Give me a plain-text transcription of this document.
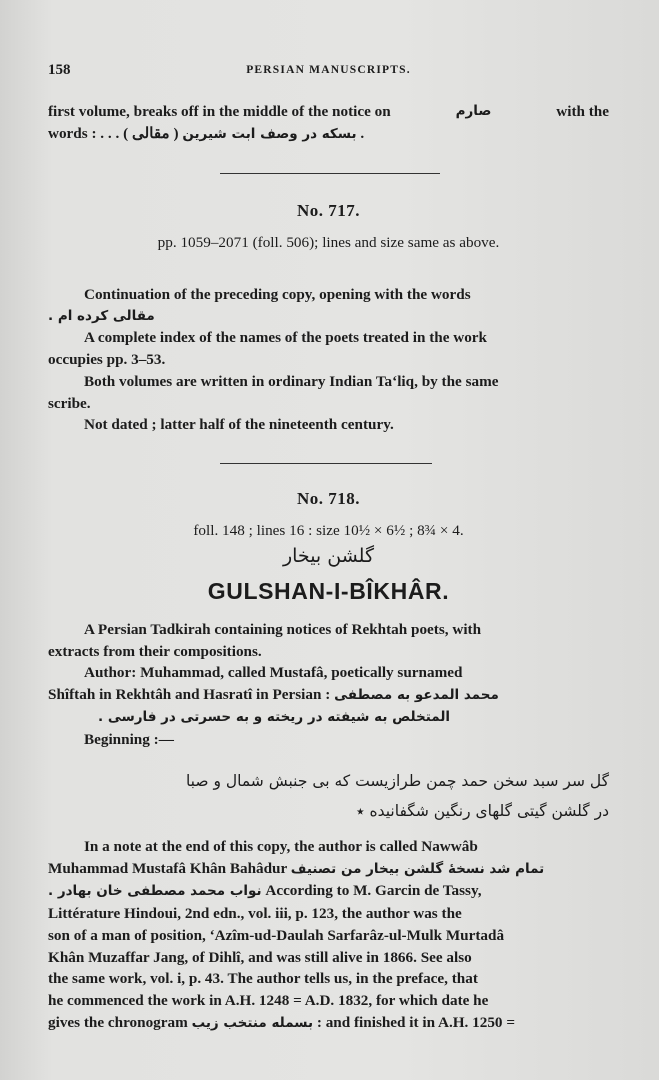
158	PERSIAN MANUSCRIPTS.

first volume, breaks off in the middle of the notice on	صارم	with the

words : . . . ( مقالی ) بسکه در وصف ابت شیرین .

No. 717.
pp. 1059–2071 (foll. 506); lines and size same as above.

Continuation of the preceding copy, opening with the words

مقالی کرده ام .

A complete index of the names of the poets treated in the work

occupies pp. 3–53.

Both volumes are written in ordinary Indian Ta‘liq, by the same

scribe.

Not dated ; latter half of the nineteenth century.

No. 718.
foll. 148 ; lines 16 : size 10½ × 6½ ; 8¾ × 4.
گلشن بیخار
GULSHAN-I-BÎKHÂR.

A Persian Tadkirah containing notices of Rekhtah poets, with

extracts from their compositions.

Author: Muhammad, called Mustafâ, poetically surnamed

Shîftah in Rekhtâh and Hasratî in Persian : محمد المدعو به مصطفی

المتخلص به شیفته در ریخته و به حسرتی در فارسی .

Beginning :—

گل سر سبد سخن حمد چمن طرازیست که بی جنبش شمال و صبا

در گلشن گیتی گلهای رنگین شگفانیده ٭

In a note at the end of this copy, the author is called Nawwâb

Muhammad Mustafâ Khân Bahâdur تمام شد نسخهٔ گلشن بیخار من تصنیف

نواب محمد مصطفی خان بهادر . According to M. Garcin de Tassy,

Littérature Hindoui, 2nd edn., vol. iii, p. 123, the author was the

son of a man of position, ‘Azîm-ud-Daulah Sarfarâz-ul-Mulk Murtadâ

Khân Muzaffar Jang, of Dihlî, and was still alive in 1866. See also

the same work, vol. i, p. 43. The author tells us, in the preface, that

he commenced the work in A.H. 1248 = A.D. 1832, for which date he

gives the chronogram بسمله منتخب زیب : and finished it in A.H. 1250 =
